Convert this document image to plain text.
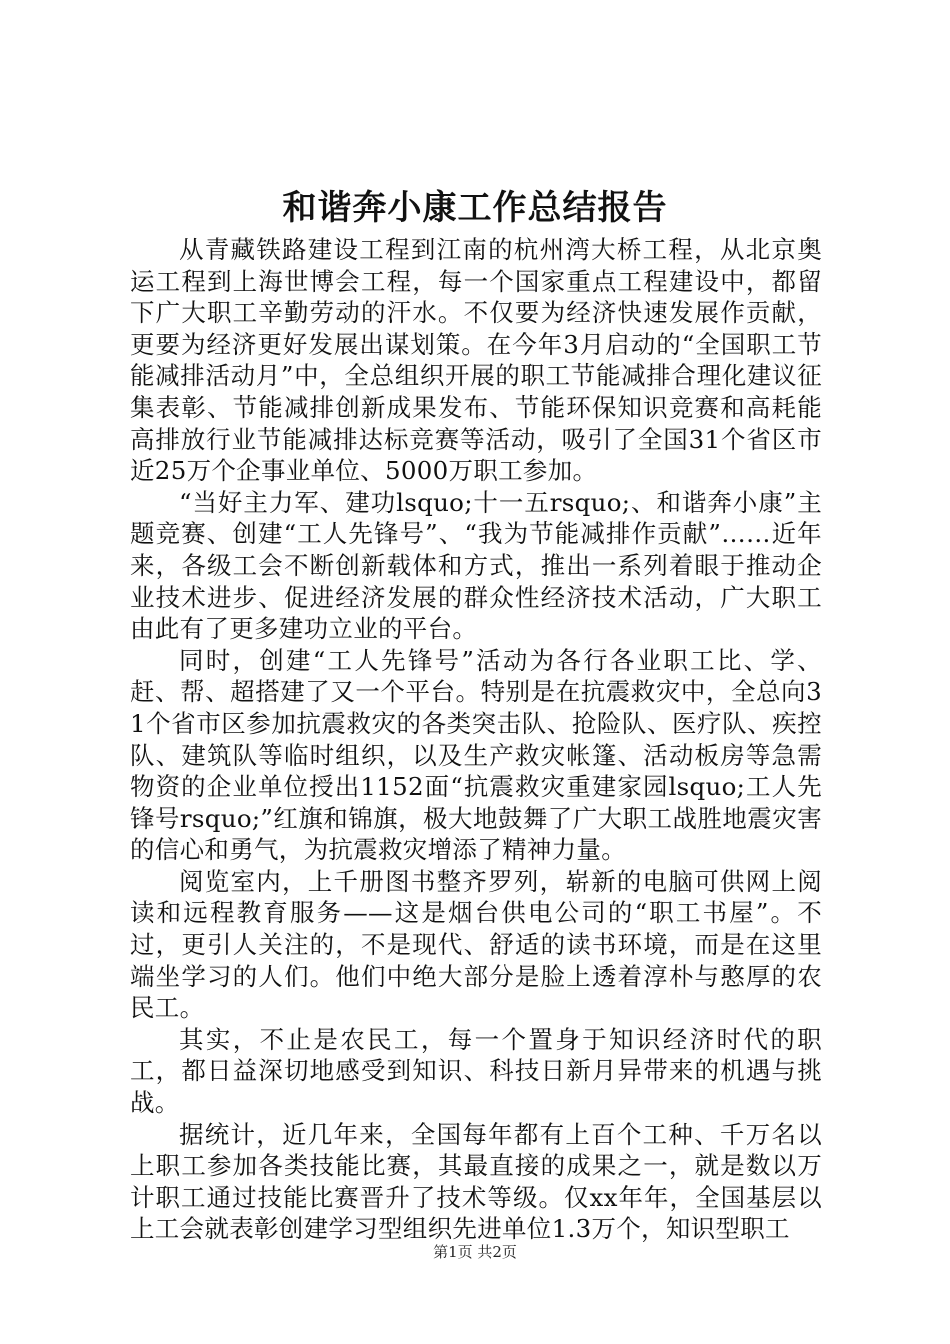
和谐奔小康工作总结报告

从青藏铁路建设工程到江南的杭州湾大桥工程，从北京奥运工程到上海世博会工程，每一个国家重点工程建设中，都留下广大职工辛勤劳动的汗水。不仅要为经济快速发展作贡献，更要为经济更好发展出谋划策。在今年3月启动的“全国职工节能减排活动月”中，全总组织开展的职工节能减排合理化建议征集表彰、节能减排创新成果发布、节能环保知识竞赛和高耗能高排放行业节能减排达标竞赛等活动，吸引了全国31个省区市近25万个企事业单位、5000万职工参加。

“当好主力军、建功lsquo;十一五rsquo;、和谐奔小康”主题竞赛、创建“工人先锋号”、“我为节能减排作贡献”……近年来，各级工会不断创新载体和方式，推出一系列着眼于推动企业技术进步、促进经济发展的群众性经济技术活动，广大职工由此有了更多建功立业的平台。

同时，创建“工人先锋号”活动为各行各业职工比、学、赶、帮、超搭建了又一个平台。特别是在抗震救灾中，全总向31个省市区参加抗震救灾的各类突击队、抢险队、医疗队、疾控队、建筑队等临时组织，以及生产救灾帐篷、活动板房等急需物资的企业单位授出1152面“抗震救灾重建家园lsquo;工人先锋号rsquo;”红旗和锦旗，极大地鼓舞了广大职工战胜地震灾害的信心和勇气，为抗震救灾增添了精神力量。

阅览室内，上千册图书整齐罗列，崭新的电脑可供网上阅读和远程教育服务——这是烟台供电公司的“职工书屋”。不过，更引人关注的，不是现代、舒适的读书环境，而是在这里端坐学习的人们。他们中绝大部分是脸上透着淳朴与憨厚的农民工。

其实，不止是农民工，每一个置身于知识经济时代的职工，都日益深切地感受到知识、科技日新月异带来的机遇与挑战。

据统计，近几年来，全国每年都有上百个工种、千万名以上职工参加各类技能比赛，其最直接的成果之一，就是数以万计职工通过技能比赛晋升了技术等级。仅xx年年，全国基层以上工会就表彰创建学习型组织先进单位1.3万个，知识型职工

第1页 共2页
